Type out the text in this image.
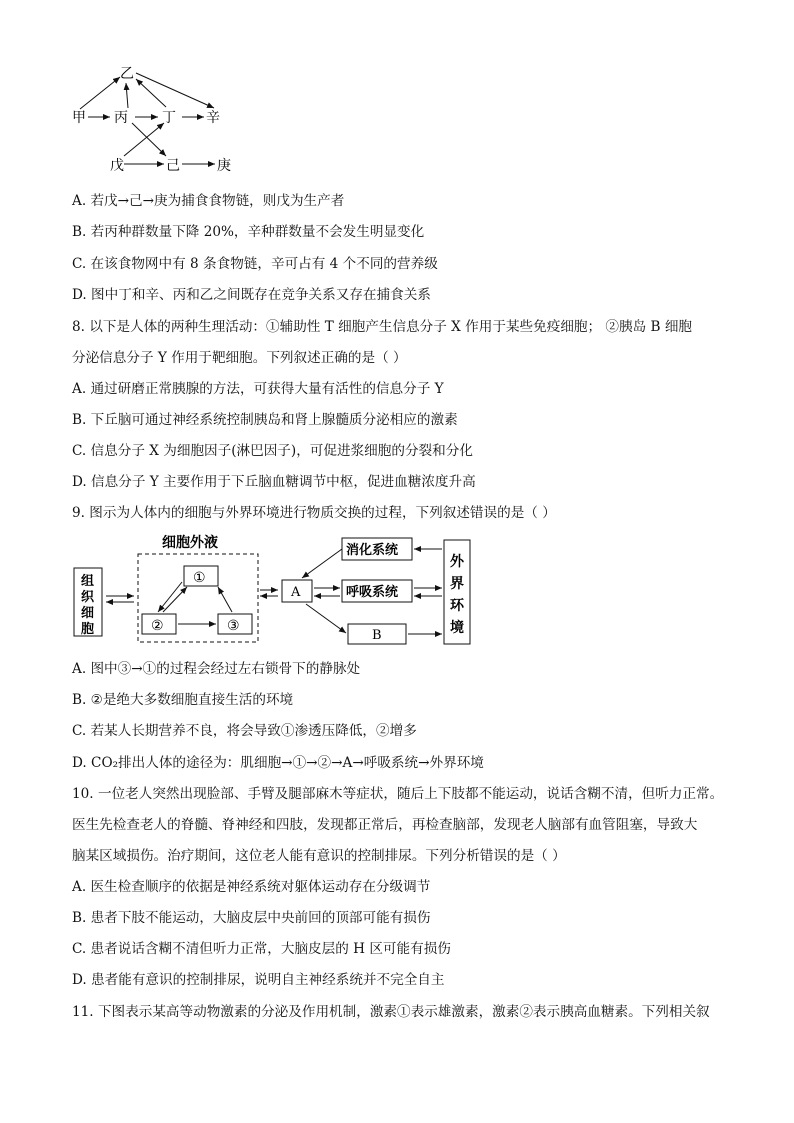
乙
甲 丙 丁 辛
戊	己	庚
A. 若戊→己→庚为捕食食物链，则戊为生产者
B. 若丙种群数量下降 20%，辛种群数量不会发生明显变化
C. 在该食物网中有 8 条食物链，辛可占有 4 个不同的营养级
D. 图中丁和辛、丙和乙之间既存在竞争关系又存在捕食关系
8. 以下是人体的两种生理活动：①辅助性 T 细胞产生信息分子 X 作用于某些免疫细胞； ②胰岛 B 细胞
分泌信息分子 Y 作用于靶细胞。下列叙述正确的是（ ）
A. 通过研磨正常胰腺的方法，可获得大量有活性的信息分子 Y
B. 下丘脑可通过神经系统控制胰岛和肾上腺髓质分泌相应的激素
C. 信息分子 X 为细胞因子(淋巴因子)，可促进浆细胞的分裂和分化
D. 信息分子 Y 主要作用于下丘脑血糖调节中枢，促进血糖浓度升高
9. 图示为人体内的细胞与外界环境进行物质交换的过程，下列叙述错误的是（ ）
细胞外液
组
织
细
胞
①
②	③
A
消化系统
呼吸系统
B
外
界
环
境
A. 图中③→①的过程会经过左右锁骨下的静脉处
B. ②是绝大多数细胞直接生活的环境
C. 若某人长期营养不良，将会导致①渗透压降低，②增多
D. CO₂排出人体的途径为：肌细胞→①→②→A→呼吸系统→外界环境
10. 一位老人突然出现脸部、手臂及腿部麻木等症状，随后上下肢都不能运动，说话含糊不清，但听力正常。
医生先检查老人的脊髓、脊神经和四肢，发现都正常后，再检查脑部，发现老人脑部有血管阻塞，导致大
脑某区域损伤。治疗期间，这位老人能有意识的控制排尿。下列分析错误的是（ ）
A. 医生检查顺序的依据是神经系统对躯体运动存在分级调节
B. 患者下肢不能运动，大脑皮层中央前回的顶部可能有损伤
C. 患者说话含糊不清但听力正常，大脑皮层的 H 区可能有损伤
D. 患者能有意识的控制排尿，说明自主神经系统并不完全自主
11. 下图表示某高等动物激素的分泌及作用机制，激素①表示雄激素，激素②表示胰高血糖素。下列相关叙
